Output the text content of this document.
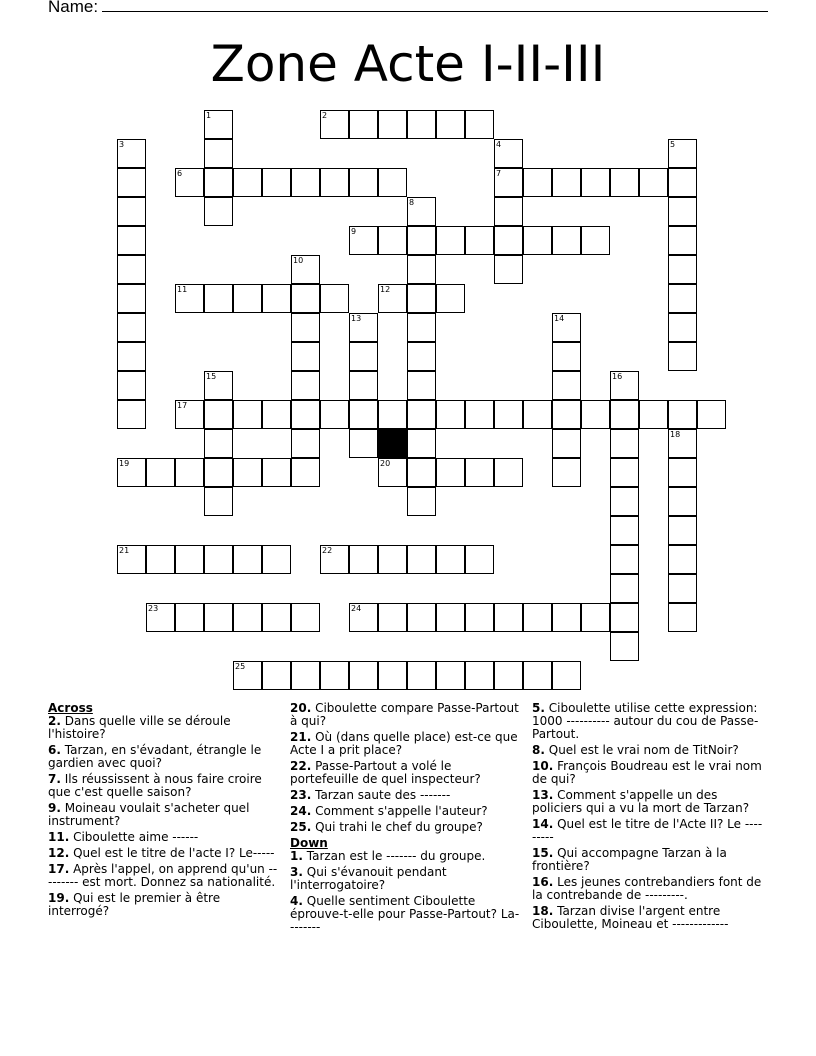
Name:
Zone Acte I-II-III
1	2
3	4	5
6	7
8
9
10
11	12
13	14
15	16
17
18
19	20
21	22
23	24
25
Across
2. Dans quelle ville se déroule l'histoire?
6. Tarzan, en s'évadant, étrangle le gardien avec quoi?
7. Ils réussissent à nous faire croire que c'est quelle saison?
9. Moineau voulait s'acheter quel instrument?
11. Ciboulette aime ------
12. Quel est le titre de l'acte I? Le-----
17. Après l'appel, on apprend qu'un --------- est mort. Donnez sa nationalité.
19. Qui est le premier à être interrogé?
20. Ciboulette compare Passe-Partout à qui?
21. Où (dans quelle place) est-ce que Acte I a prit place?
22. Passe-Partout a volé le portefeuille de quel inspecteur?
23. Tarzan saute des -------
24. Comment s'appelle l'auteur?
25. Qui trahi le chef du groupe?
Down
1. Tarzan est le ------- du groupe.
3. Qui s'évanouit pendant l'interrogatoire?
4. Quelle sentiment Ciboulette éprouve-t-elle pour Passe-Partout? La--------
5. Ciboulette utilise cette expression: 1000 ---------- autour du cou de Passe-Partout.
8. Quel est le vrai nom de TitNoir?
10. François Boudreau est le vrai nom de qui?
13. Comment s'appelle un des policiers qui a vu la mort de Tarzan?
14. Quel est le titre de l'Acte II? Le ---------
15. Qui accompagne Tarzan à la frontière?
16. Les jeunes contrebandiers font de la contrebande de ---------.
18. Tarzan divise l'argent entre Ciboulette, Moineau et -------------
